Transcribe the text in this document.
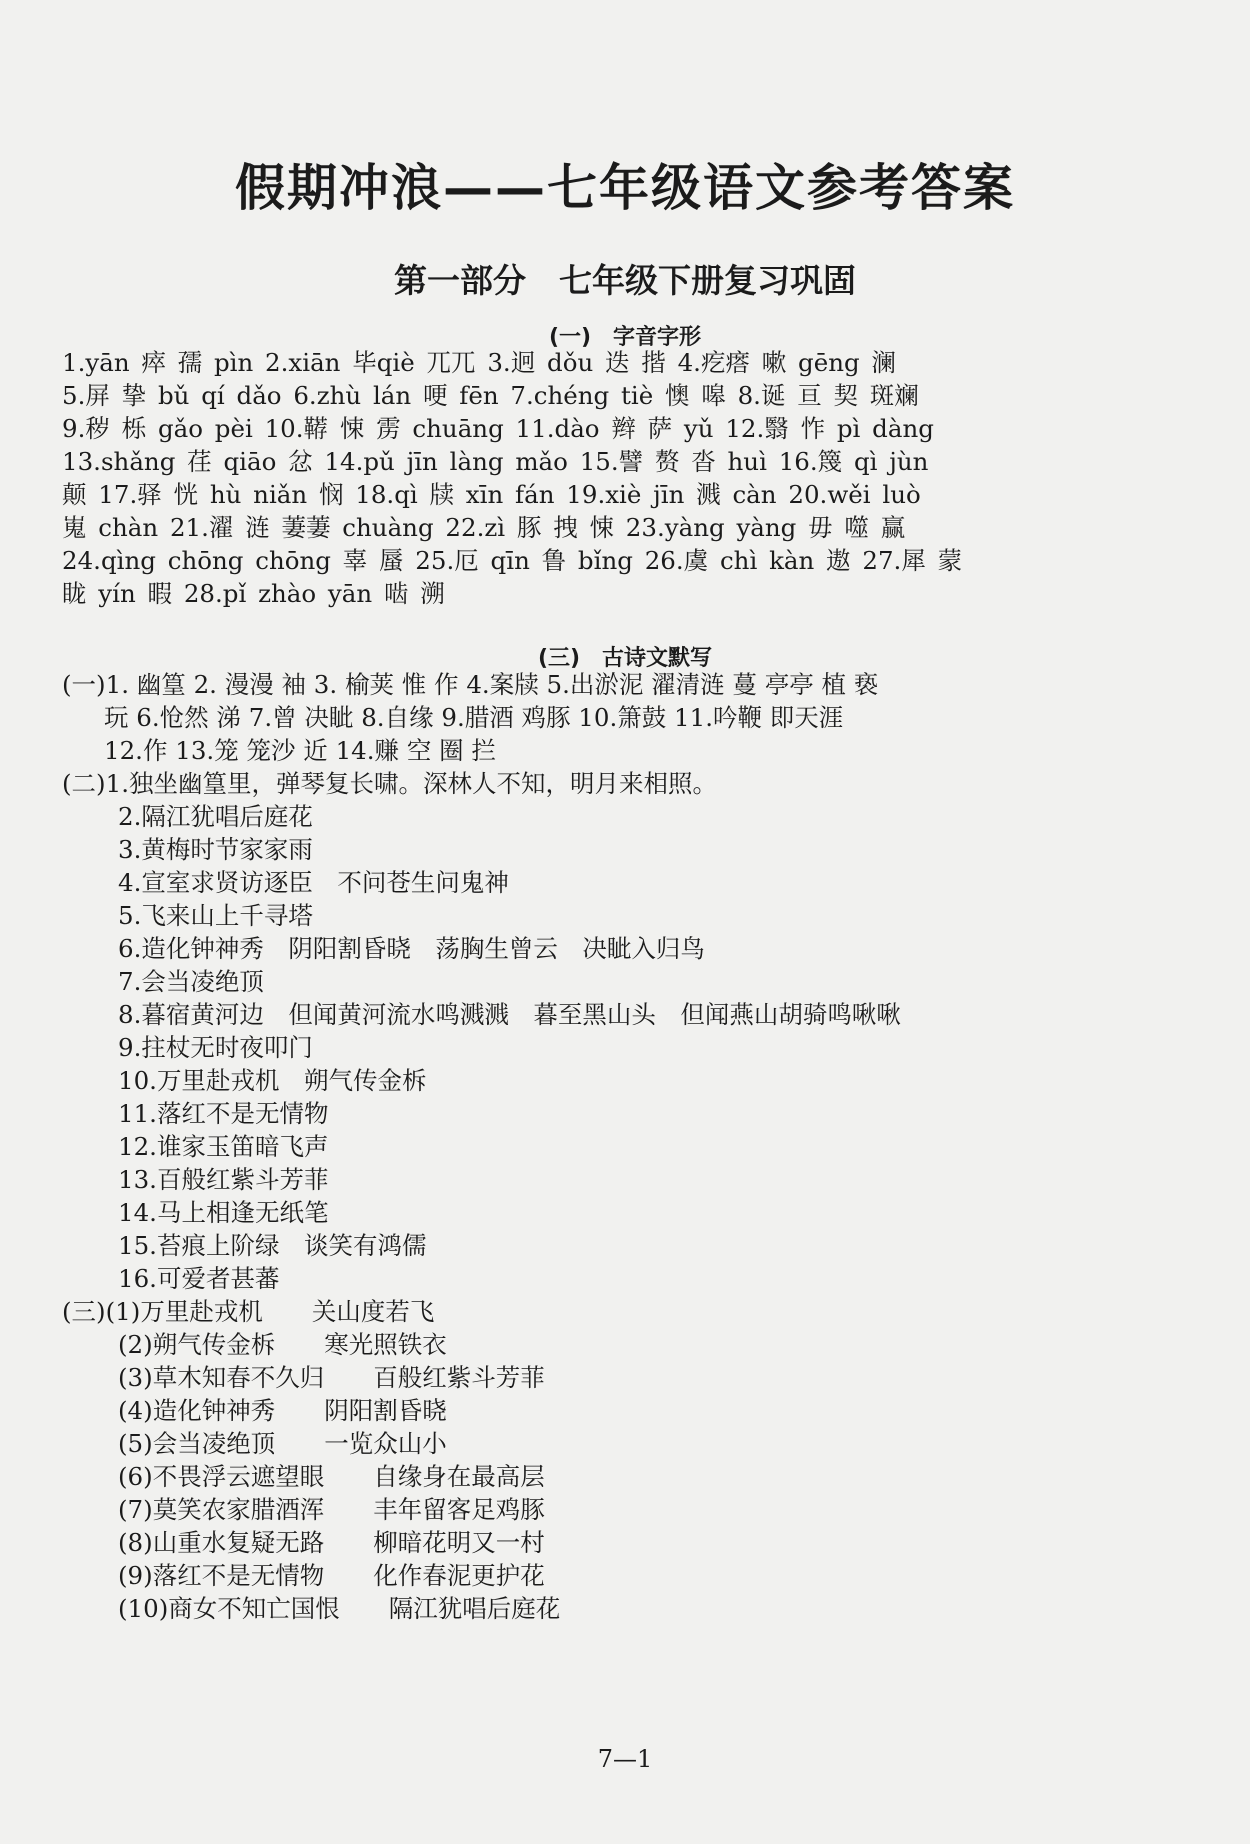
假期冲浪——七年级语文参考答案
第一部分　七年级下册复习巩固
(一)　字音字形

1.yān 瘁 孺 pìn 2.xiān 毕qiè 兀兀 3.迥 dǒu 迭 揩 4.疙瘩 嗽 gēng 澜

5.屏 挚 bǔ qí dǎo 6.zhù lán 哽 fēn 7.chéng tiè 懊 嗥 8.诞 亘 契 斑斓

9.秽 栎 gǎo pèi 10.鞯 悚 雳 chuāng 11.dào 辫 萨 yǔ 12.翳 怍 pì dàng

13.shǎng 荏 qiāo 忿 14.pǔ jīn làng mǎo 15.譬 赘 沓 huì 16.篾 qì jùn

颠 17.驿 恍 hù niǎn 悯 18.qì 牍 xīn fán 19.xiè jīn 溅 càn 20.wěi luò

嵬 chàn 21.濯 涟 萋萋 chuàng 22.zì 豚 拽 悚 23.yàng yàng 毋 噬 赢

24.qìng chōng chōng 辜 蜃 25.厄 qīn 鲁 bǐng 26.虞 chì kàn 遨 27.犀 蒙

眬 yín 暇 28.pǐ zhào yān 啮 溯

(三)　古诗文默写

(一)1. 幽篁 2. 漫漫 袖 3. 榆荚 惟 作 4.案牍 5.出淤泥 濯清涟 蔓 亭亭 植 亵

玩 6.怆然 涕 7.曾 决眦 8.自缘 9.腊酒 鸡豚 10.箫鼓 11.吟鞭 即天涯

12.作 13.笼 笼沙 近 14.赚 空 圈 拦

(二)1.独坐幽篁里，弹琴复长啸。深林人不知，明月来相照。

2.隔江犹唱后庭花

3.黄梅时节家家雨

4.宣室求贤访逐臣　不问苍生问鬼神

5.飞来山上千寻塔

6.造化钟神秀　阴阳割昏晓　荡胸生曾云　决眦入归鸟

7.会当凌绝顶

8.暮宿黄河边　但闻黄河流水鸣溅溅　暮至黑山头　但闻燕山胡骑鸣啾啾

9.拄杖无时夜叩门

10.万里赴戎机　朔气传金柝

11.落红不是无情物

12.谁家玉笛暗飞声

13.百般红紫斗芳菲

14.马上相逢无纸笔

15.苔痕上阶绿　谈笑有鸿儒

16.可爱者甚蕃

(三)(1)万里赴戎机　　关山度若飞

(2)朔气传金柝　　寒光照铁衣

(3)草木知春不久归　　百般红紫斗芳菲

(4)造化钟神秀　　阴阳割昏晓

(5)会当凌绝顶　　一览众山小

(6)不畏浮云遮望眼　　自缘身在最高层

(7)莫笑农家腊酒浑　　丰年留客足鸡豚

(8)山重水复疑无路　　柳暗花明又一村

(9)落红不是无情物　　化作春泥更护花

(10)商女不知亡国恨　　隔江犹唱后庭花

7—1
